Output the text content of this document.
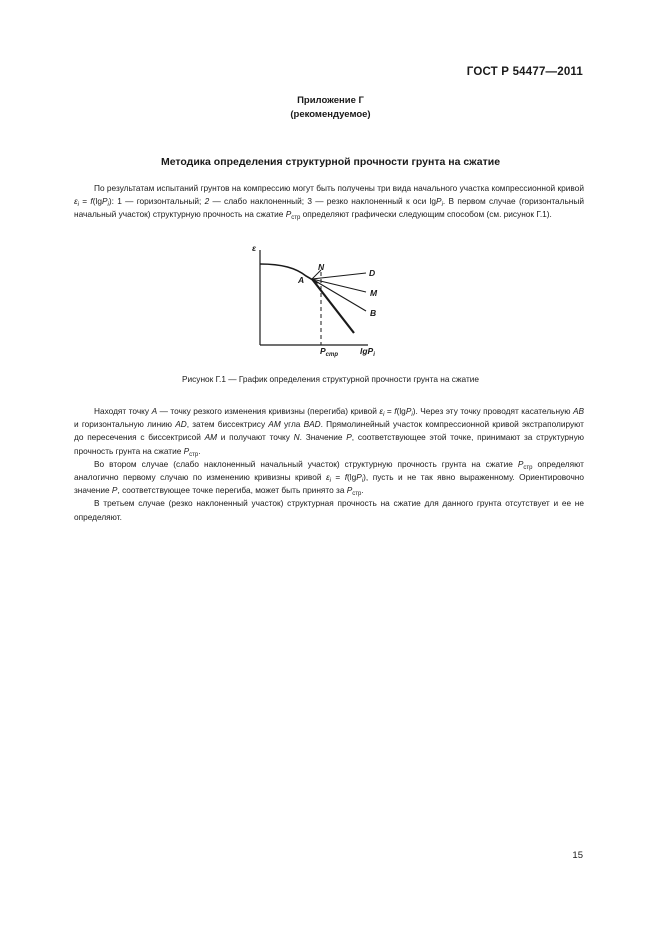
ГОСТ Р 54477—2011
Приложение Г
(рекомендуемое)
Методика определения структурной прочности грунта на сжатие

По результатам испытаний грунтов на компрессию могут быть получены три вида начального участка компрессионной кривой $\varepsilon_i = f(\lg P_i)$: 1 — горизонтальный; 2 — слабо наклоненный; 3 — резко наклоненный к оси lgP$_i$. В первом случае (горизонтальный начальный участок) структурную прочность на сжатие $P_{стр}$ определяют графически следующим способом (см. рисунок Г.1).

ε
A
N
D
M
B
$P_{стр}$	lgP$_i$
Рисунок Г.1 — График определения структурной прочности грунта на сжатие

Находят точку A — точку резкого изменения кривизны (перегиба) кривой $\varepsilon_i = f(\lg P_i)$. Через эту точку проводят касательную AB и горизонтальную линию AD, затем биссектрису AM угла BAD. Прямолинейный участок компрессионной кривой экстраполируют до пересечения с биссектрисой AM и получают точку N. Значение P, соответствующее этой точке, принимают за структурную прочность грунта на сжатие $P_{стр}$.

Во втором случае (слабо наклоненный начальный участок) структурную прочность грунта на сжатие $P_{стр}$ определяют аналогично первому случаю по изменению кривизны кривой $\varepsilon_i = f(\lg P_i)$, пусть и не так явно выраженному. Ориентировочно значение P, соответствующее точке перегиба, может быть принято за $P_{стр}$.

В третьем случае (резко наклоненный участок) структурная прочность на сжатие для данного грунта отсутствует и ее не определяют.

15
